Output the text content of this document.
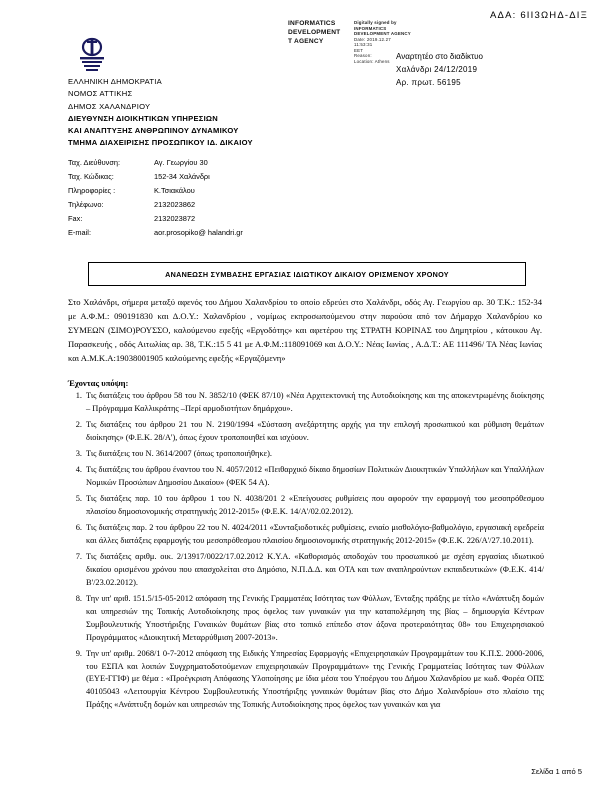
ΑΔΑ: 6ΙΙ3ΩΗΔ-ΔΙΞ
INFORMATICS
DEVELOPMENT
T AGENCY
Digitally signed by
INFORMATICS
DEVELOPMENT AGENCY
Date: 2019.12.27
11:53:31
EET
Reason:
Location: Athens Αναρτητέο στο διαδίκτυο
Χαλάνδρι 24/12/2019
Αρ. πρωτ. 56195
ΕΛΛΗΝΙΚΗ ΔΗΜΟΚΡΑΤΙΑ
ΝΟΜΟΣ ΑΤΤΙΚΗΣ
ΔΗΜΟΣ ΧΑΛΑΝΔΡΙΟΥ
ΔΙΕΥΘΥΝΣΗ ΔΙΟΙΚΗΤΙΚΩΝ ΥΠΗΡΕΣΙΩΝ
ΚΑΙ ΑΝΑΠΤΥΞΗΣ ΑΝΘΡΩΠΙΝΟΥ ΔΥΝΑΜΙΚΟΥ
ΤΜΗΜΑ ΔΙΑΧΕΙΡΙΣΗΣ ΠΡΟΣΩΠΙΚΟΥ ΙΔ. ΔΙΚΑΙΟΥ
Ταχ. Διεύθυνση:	Αγ. Γεωργίου 30
Ταχ. Κώδικας:	152-34 Χαλάνδρι
Πληροφορίες :	Κ.Τσιακάλου
Τηλέφωνο:	2132023862
Fax:	2132023872
E-mail:	aor.prosopiko@ halandri.gr
ΑΝΑΝΕΩΣΗ ΣΥΜΒΑΣΗΣ ΕΡΓΑΣΙΑΣ ΙΔΙΩΤΙΚΟΥ ΔΙΚΑΙΟΥ ΟΡΙΣΜΕΝΟΥ ΧΡΟΝΟΥ
Στο Χαλάνδρι, σήμερα μεταξύ αφενός του Δήμου Χαλανδρίου το οποίο εδρεύει στο Χαλάνδρι, οδός Αγ. Γεωργίου αρ. 30 Τ.Κ.: 152-34 με Α.Φ.Μ.: 090191830 και Δ.Ο.Υ.: Χαλανδρίου , νομίμως εκπροσωπούμενου στην παρούσα από τον Δήμαρχο Χαλανδρίου κο ΣΥΜΕΩΝ (ΣΙΜΟ)ΡΟΥΣΣΟ, καλούμενου εφεξής «Εργοδότης» και αφετέρου της ΣΤΡΑΤΗ ΚΟΡΙΝΑΣ του Δημητρίου , κάτοικου Αγ. Παρασκευής , οδός Αιτωλίας αρ. 38, Τ.Κ.:15 5 41 με Α.Φ.Μ.:118091069 και Δ.Ο.Υ.: Νέας Ιωνίας , Α.Δ.Τ.: ΑΕ 111496/ ΤΑ Νέας Ιωνίας και Α.Μ.Κ.Α:19038001905 καλούμενης εφεξής «Εργαζόμενη»
Έχοντας υπόψη:
1. Τις διατάξεις του άρθρου 58 του Ν. 3852/10 (ΦΕΚ 87/10) «Νέα Αρχιτεκτονική της Αυτοδιοίκησης και της αποκεντρωμένης διοίκησης – Πρόγραμμα Καλλικράτης –Περί αρμοδιοτήτων δημάρχου».
2. Τις διατάξεις του άρθρου 21 του Ν. 2190/1994 «Σύσταση ανεξάρτητης αρχής για την επιλογή προσωπικού και ρύθμιση θεμάτων διοίκησης» (Φ.Ε.Κ. 28/Α'), όπως έχουν τροποποιηθεί και ισχύουν.
3. Τις διατάξεις του Ν. 3614/2007 (όπως τροποποιήθηκε).
4. Τις διατάξεις του άρθρου έναντου του Ν. 4057/2012 «Πειθαρχικό δίκαιο δημοσίων Πολιτικών Διοικητικών Υπαλλήλων και Υπαλλήλων Νομικών Προσώπων Δημοσίου Δικαίου» (ΦΕΚ 54 Α).
5. Τις διατάξεις παρ. 10 του άρθρου 1 του Ν. 4038/201 2 «Επείγουσες ρυθμίσεις που αφορούν την εφαρμογή του μεσοπρόθεσμου πλαισίου δημοσιονομικής στρατηγικής 2012-2015» (Φ.Ε.Κ. 14/Α'/02.02.2012).
6. Τις διατάξεις παρ. 2 του άρθρου 22 του Ν. 4024/2011 «Συνταξιοδοτικές ρυθμίσεις, ενιαίο μισθολόγιο-βαθμολόγιο, εργασιακή εφεδρεία και άλλες διατάξεις εφαρμογής του μεσοπρόθεσμου πλαισίου δημοσιονομικής στρατηγικής 2012-2015» (Φ.Ε.Κ. 226/Α'/27.10.2011).
7. Τις διατάξεις αριθμ. οικ. 2/13917/0022/17.02.2012 Κ.Υ.Α. «Καθορισμός αποδοχών του προσωπικού με σχέση εργασίας ιδιωτικού δικαίου ορισμένου χρόνου που απασχολείται στο Δημόσιο, Ν.Π.Δ.Δ. και ΟΤΑ και των αναπληρούντων εκπαιδευτικών» (Φ.Ε.Κ. 414/Β'/23.02.2012).
8. Την υπ' αριθ. 151.5/15-05-2012 απόφαση της Γενικής Γραμματέας Ισότητας των Φύλλων, Ένταξης πράξης με τίτλο «Ανάπτυξη δομών και υπηρεσιών της Τοπικής Αυτοδιοίκησης προς όφελος των γυναικών για την καταπολέμηση της βίας – δημιουργία Κέντρων Συμβουλευτικής Υποστήριξης Γυναικών θυμάτων βίας στο τοπικό επίπεδο στον άξονα προτεραιότητας 08» του Επιχειρησιακού Προγράμματος «Διοικητική Μεταρρύθμιση 2007-2013».
9. Την υπ' αριθμ. 2068/1 0-7-2012 απόφαση της Ειδικής Υπηρεσίας Εφαρμογής «Επιχειρησιακών Προγραμμάτων του Κ.Π.Σ. 2000-2006, του ΕΣΠΑ και λοιπών Συγχρηματοδοτούμενων επιχειρησιακών Προγραμμάτων» της Γενικής Γραμματείας Ισότητας των Φύλλων (ΕΥΕ-ΓΓΙΦ) με θέμα : «Προέγκριση Απόφασης Υλοποίησης με ίδια μέσα του Υποέργου του Δήμου Χαλανδρίου με κωδ. Φορέα ΟΠΣ 40105043 «Λειτουργία Κέντρου Συμβουλευτικής Υποστήριξης γυναικών θυμάτων βίας στο Δήμο Χαλανδρίου» στο πλαίσιο της Πράξης «Ανάπτυξη δομών και υπηρεσιών της Τοπικής Αυτοδιοίκησης προς όφελος των γυναικών και για
Σελίδα 1 από 5
